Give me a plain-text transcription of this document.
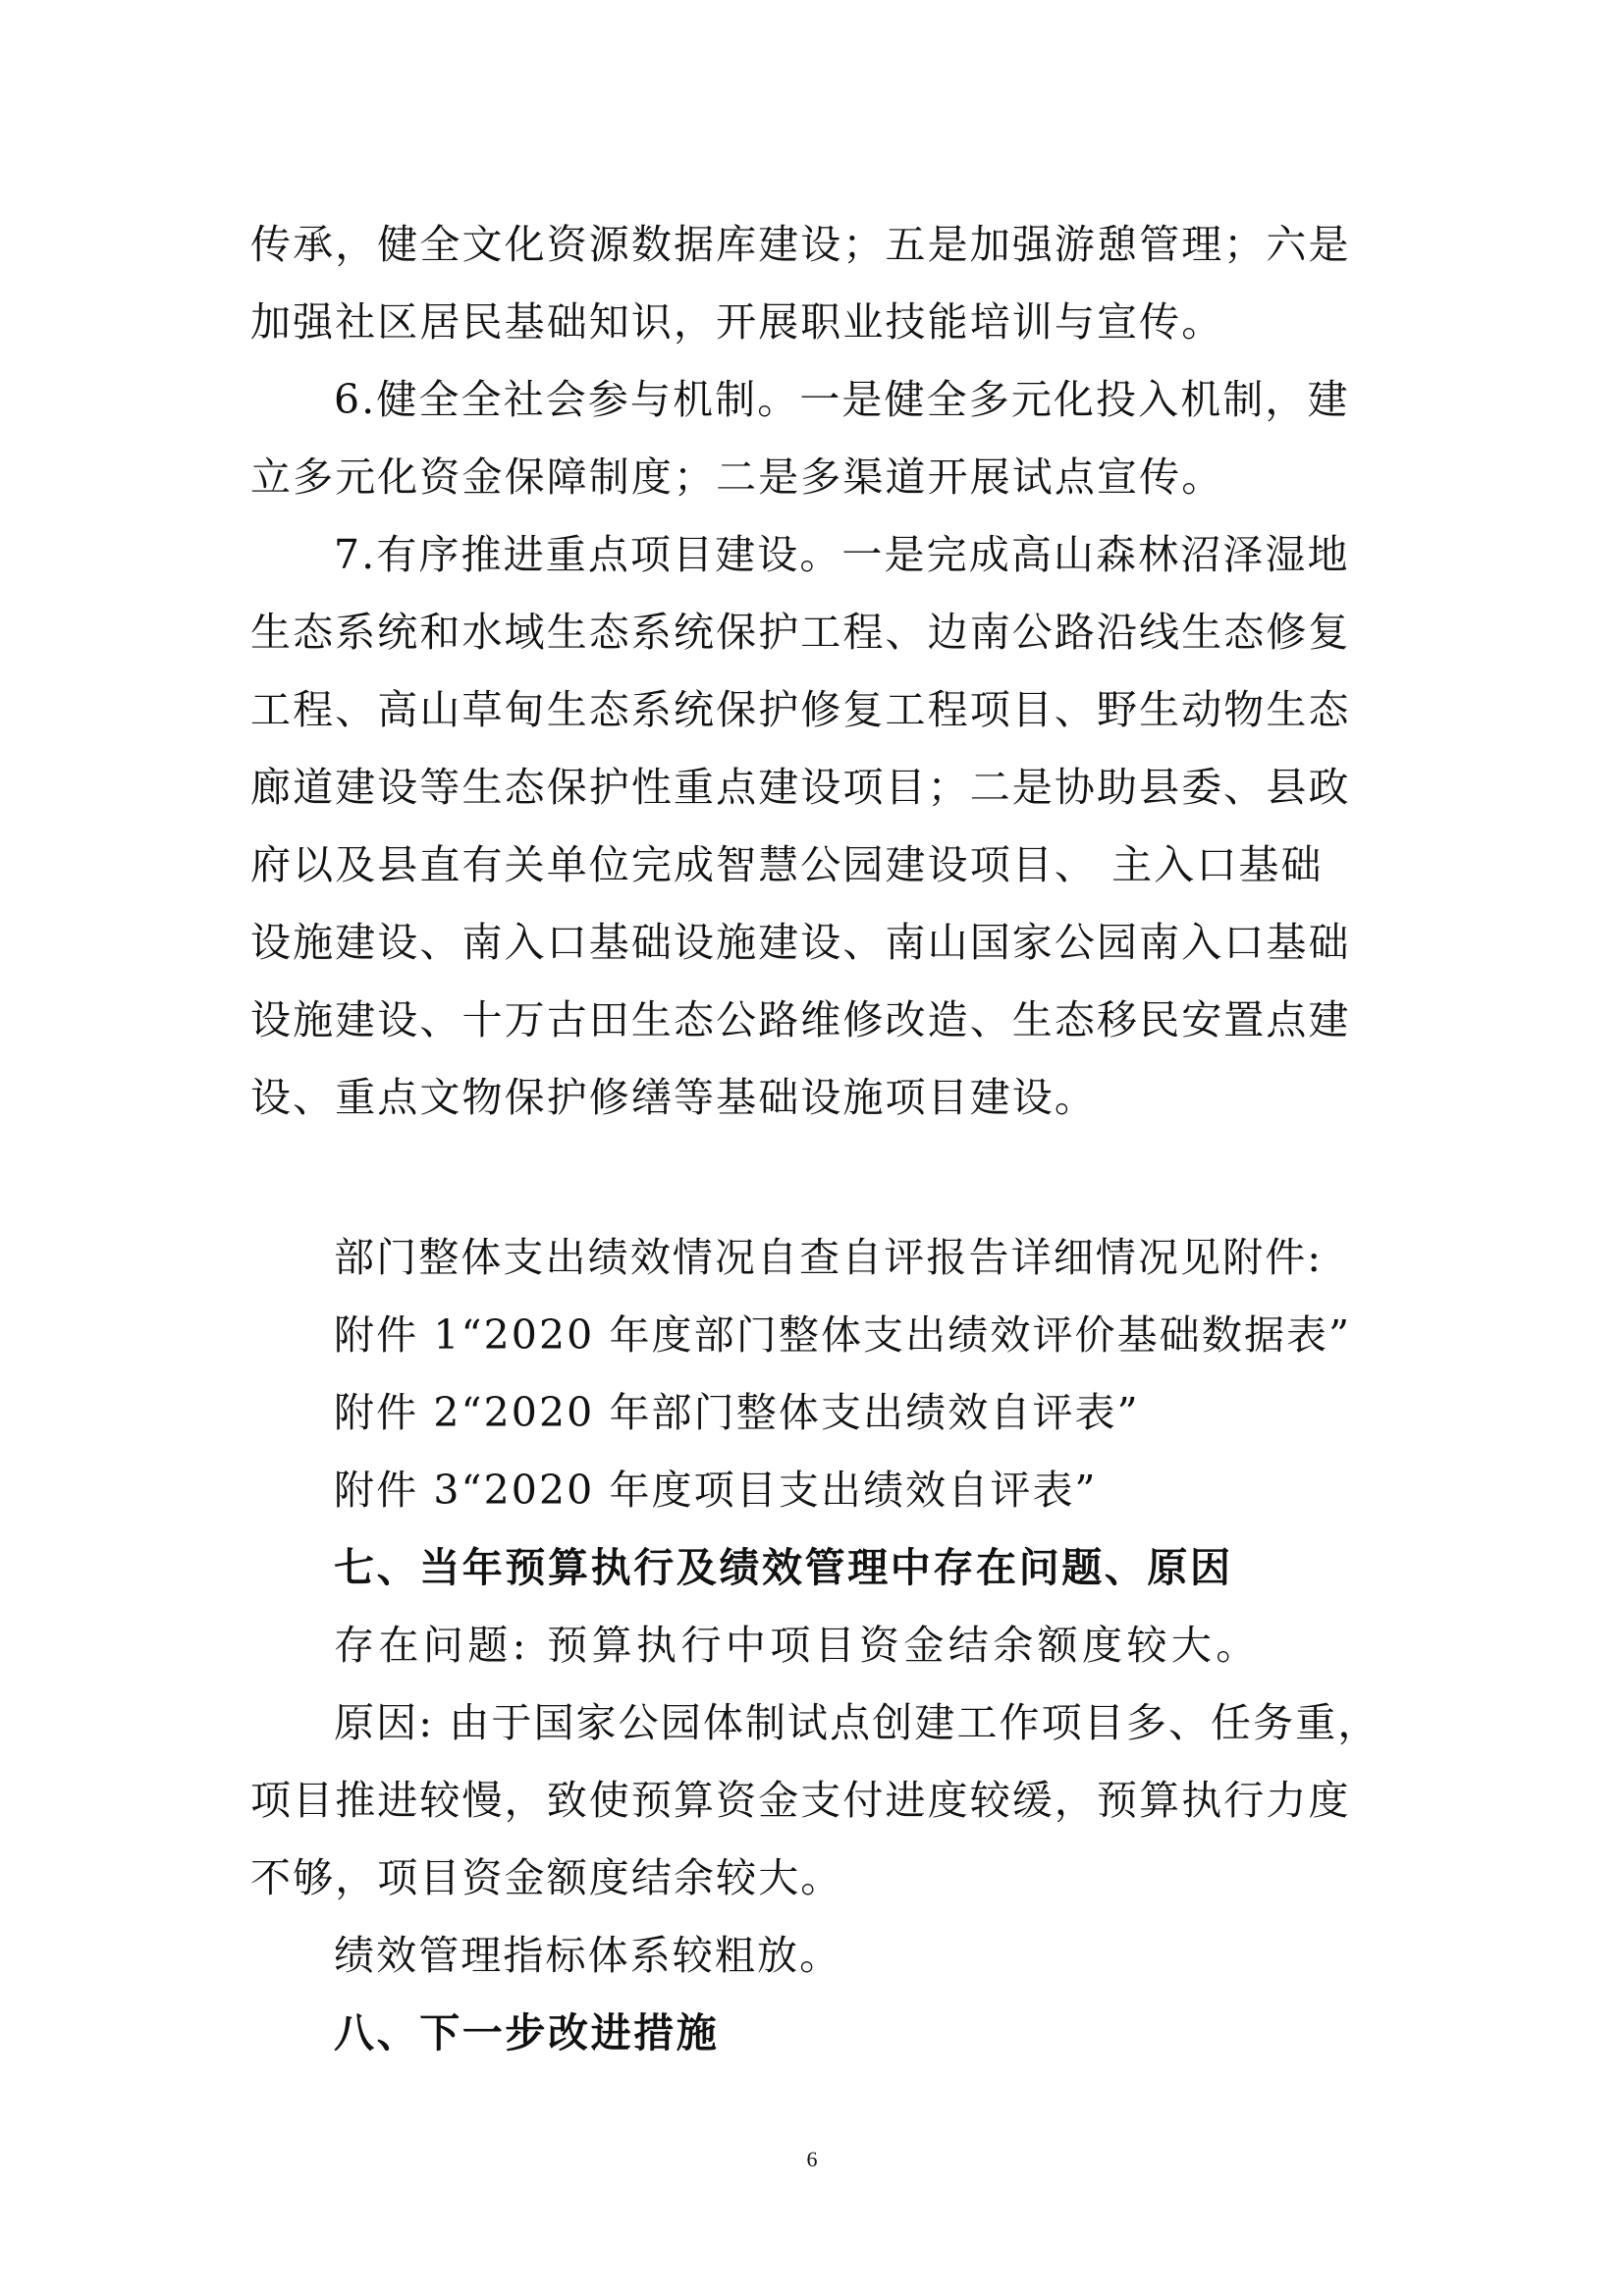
传承，健全文化资源数据库建设；五是加强游憩管理；六是
加强社区居民基础知识，开展职业技能培训与宣传。
6.健全全社会参与机制。一是健全多元化投入机制，建
立多元化资金保障制度；二是多渠道开展试点宣传。
7.有序推进重点项目建设。一是完成高山森林沼泽湿地
生态系统和水域生态系统保护工程、边南公路沿线生态修复
工程、高山草甸生态系统保护修复工程项目、野生动物生态
廊道建设等生态保护性重点建设项目；二是协助县委、县政
府以及县直有关单位完成智慧公园建设项目、 主入口基础
设施建设、南入口基础设施建设、南山国家公园南入口基础
设施建设、十万古田生态公路维修改造、生态移民安置点建
设、重点文物保护修缮等基础设施项目建设。
部门整体支出绩效情况自查自评报告详细情况见附件:
附件 1“2020 年度部门整体支出绩效评价基础数据表”
附件 2“2020 年部门整体支出绩效自评表”
附件 3“2020 年度项目支出绩效自评表”
七、当年预算执行及绩效管理中存在问题、原因
存在问题: 预算执行中项目资金结余额度较大。
原因: 由于国家公园体制试点创建工作项目多、任务重，
项目推进较慢，致使预算资金支付进度较缓，预算执行力度
不够，项目资金额度结余较大。
绩效管理指标体系较粗放。
八、下一步改进措施
6
